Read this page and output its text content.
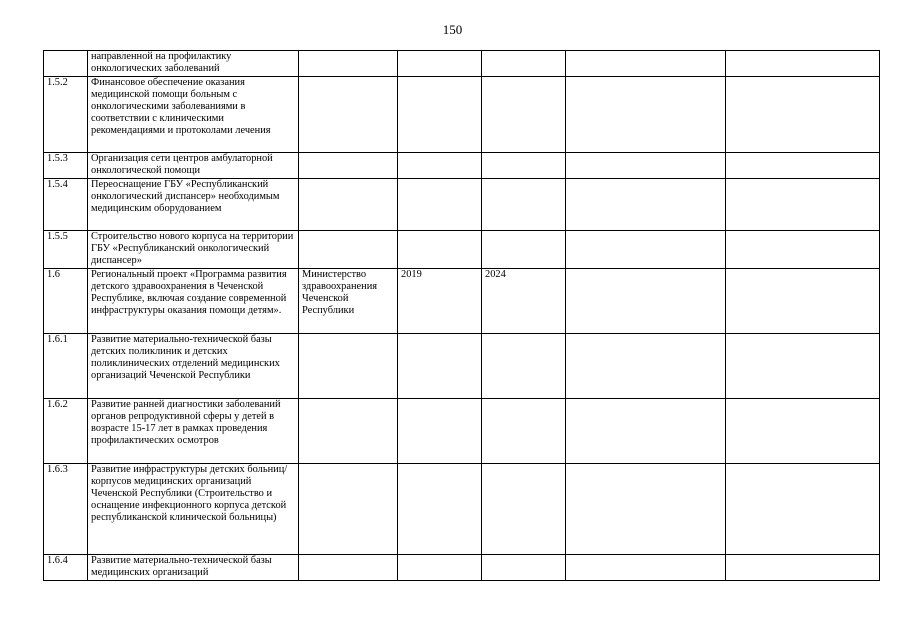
150
	направленной на профилактику онкологических заболеваний					
1.5.2	Финансовое обеспечение оказания медицинской помощи больным с онкологическими заболеваниями в соответствии с клиническими рекомендациями и протоколами лечения					
1.5.3	Организация сети центров амбулаторной онкологической помощи					
1.5.4	Переоснащение ГБУ «Республиканский онкологический диспансер» необходимым медицинским оборудованием					
1.5.5	Строительство нового корпуса на территории ГБУ «Республиканский онкологический диспансер»					
1.6	Региональный проект «Программа развития детского здравоохранения в Чеченской Республике, включая создание современной инфраструктуры оказания помощи детям».	Министерство здравоохранения Чеченской Республики	2019	2024		
1.6.1	Развитие материально-технической базы детских поликлиник и детских поликлинических отделений медицинских организаций Чеченской Республики					
1.6.2	Развитие ранней диагностики заболеваний органов репродуктивной сферы у детей в возрасте 15-17 лет в рамках проведения профилактических осмотров					
1.6.3	Развитие инфраструктуры детских больниц/корпусов медицинских организаций Чеченской Республики (Строительство и оснащение инфекционного корпуса детской республиканской клинической больницы)					
1.6.4	Развитие материально-технической базы медицинских организаций					
